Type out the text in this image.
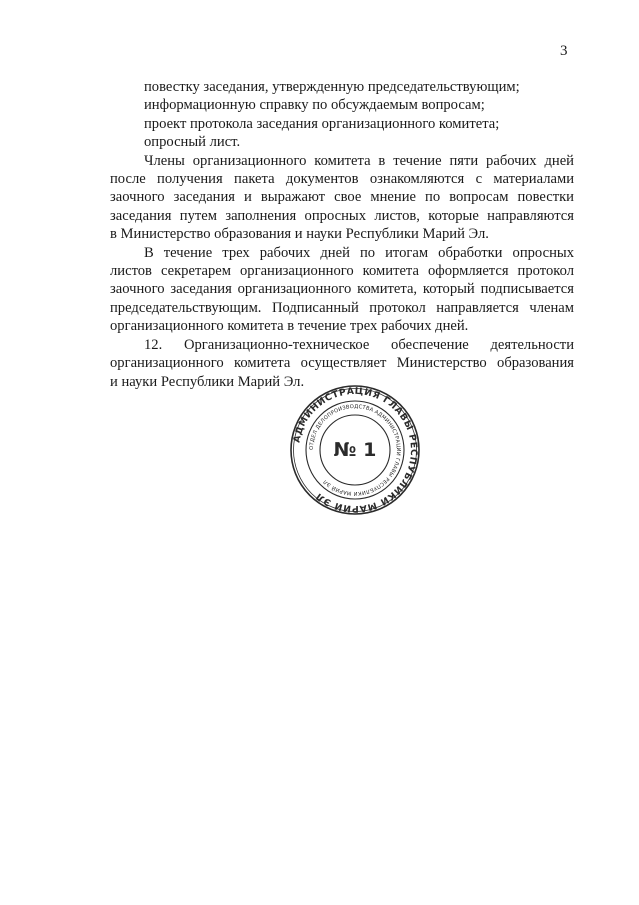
3
повестку заседания, утвержденную председательствующим;
информационную справку по обсуждаемым вопросам;
проект протокола заседания организационного комитета;
опросный лист.
Члены организационного комитета в течение пяти рабочих дней
после получения пакета документов ознакомляются с материалами
заочного заседания и выражают свое мнение по вопросам повестки
заседания путем заполнения опросных листов, которые направляются
в Министерство образования и науки Республики Марий Эл.
В течение трех рабочих дней по итогам обработки опросных
листов секретарем организационного комитета оформляется протокол
заочного заседания организационного комитета, который подписывается
председательствующим. Подписанный протокол направляется членам
организационного комитета в течение трех рабочих дней.
12. Организационно-техническое обеспечение деятельности
организационного комитета осуществляет Министерство образования
и науки Республики Марий Эл.
АДМИНИСТРАЦИЯ ГЛАВЫ РЕСПУБЛИКИ МАРИЙ ЭЛ
ОТДЕЛ ДЕЛОПРОИЗВОДСТВА АДМИНИСТРАЦИИ ГЛАВЫ РЕСПУБЛИКИ МАРИЙ ЭЛ
№ 1
